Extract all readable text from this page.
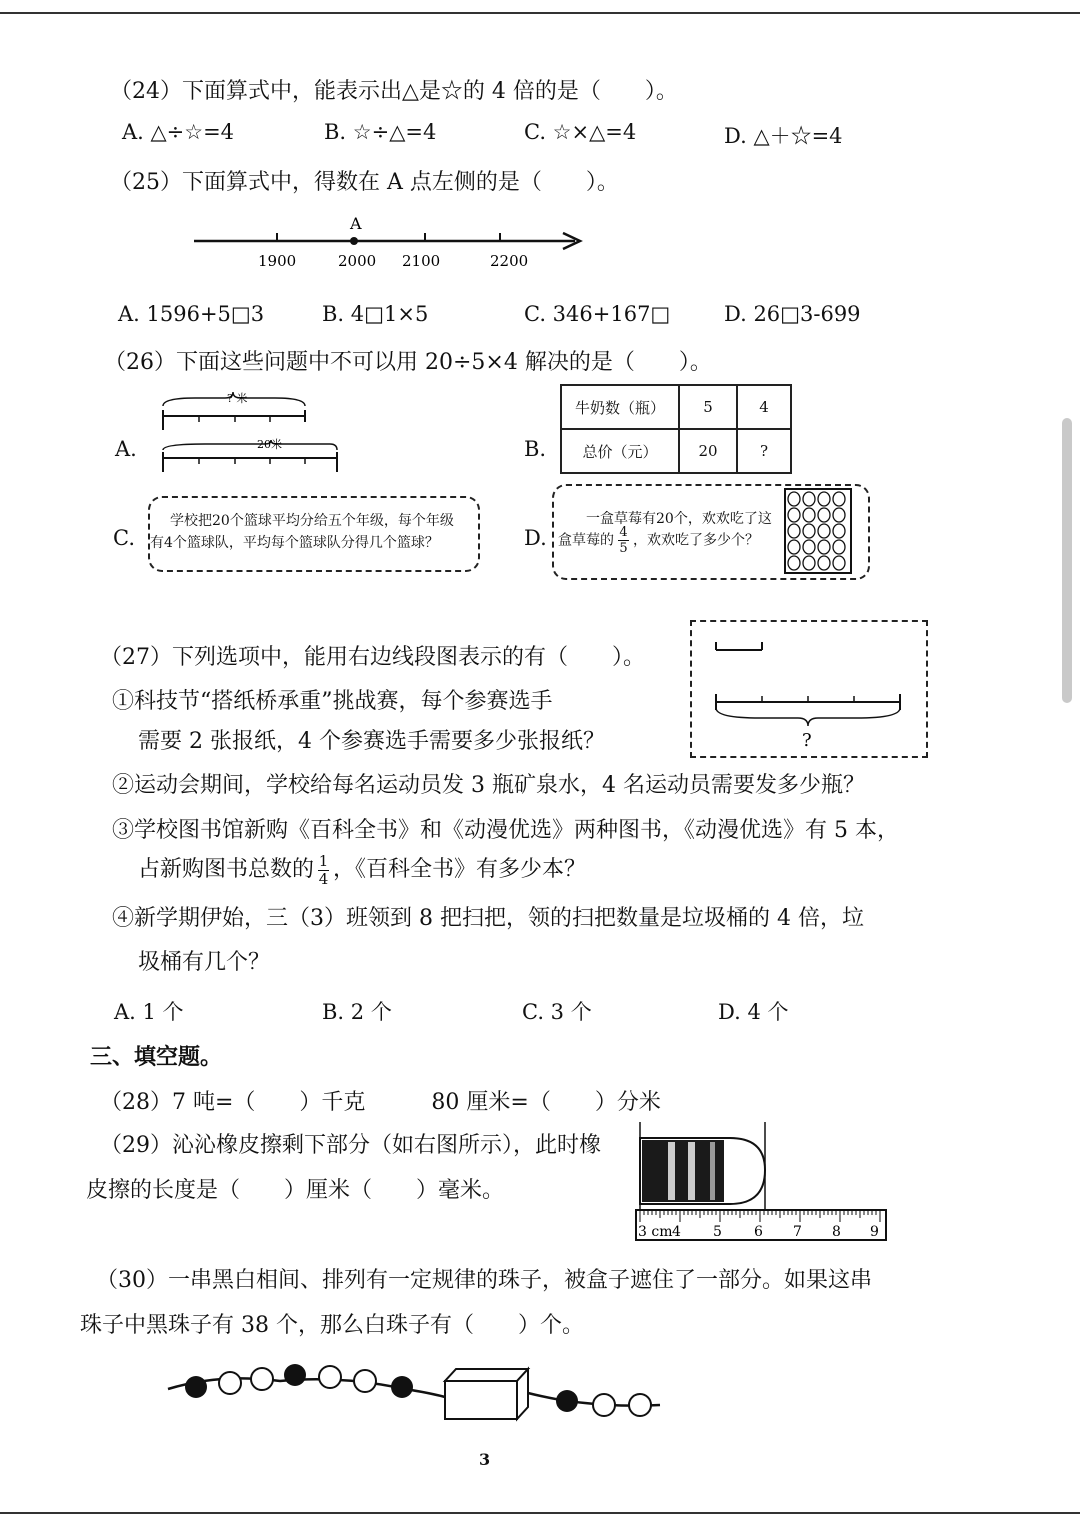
（24）下面算式中，能表示出△是☆的 4 倍的是（　　）。
A. △÷☆=4	B. ☆÷△=4	C. ☆×△=4	D. △＋☆=4
（25）下面算式中，得数在 A 点左侧的是（　　）。
A
1900	2000 2100	2200
A. 1596+5□3	B. 4□1×5	C. 346+167□	D. 26□3-699
（26）下面这些问题中不可以用 20÷5×4 解决的是（　　）。
A.
? 米
20米	B.
牛奶数（瓶）	5	4
总价（元）	20	?
C.
学校把20个篮球平均分给五个年级，每个年级
有4个篮球队，平均每个篮球队分得几个篮球？	D.
一盒草莓有20个，欢欢吃了这
盒草莓的 $\frac{4}{5}$ ，欢欢吃了多少个？
（27）下列选项中，能用右边线段图表示的有（　　）。
?
①科技节“搭纸桥承重”挑战赛，每个参赛选手
需要 2 张报纸，4 个参赛选手需要多少张报纸？
②运动会期间，学校给每名运动员发 3 瓶矿泉水，4 名运动员需要发多少瓶？
③学校图书馆新购《百科全书》和《动漫优选》两种图书，《动漫优选》有 5 本，
占新购图书总数的 $\frac{1}{4}$ ，《百科全书》有多少本？
④新学期伊始，三（3）班领到 8 把扫把，领的扫把数量是垃圾桶的 4 倍，垃
圾桶有几个？
A. 1 个	B. 2 个	C. 3 个	D. 4 个
三、填空题。
（28）7 吨=（　　）千克　　　80 厘米=（　　）分米
（29）沁沁橡皮擦剩下部分（如右图所示），此时橡
皮擦的长度是（　　）厘米（　　）毫米。
3 cm 4 5 6 7 8 9
（30）一串黑白相间、排列有一定规律的珠子，被盒子遮住了一部分。如果这串
珠子中黑珠子有 38 个，那么白珠子有（　　）个。
3
